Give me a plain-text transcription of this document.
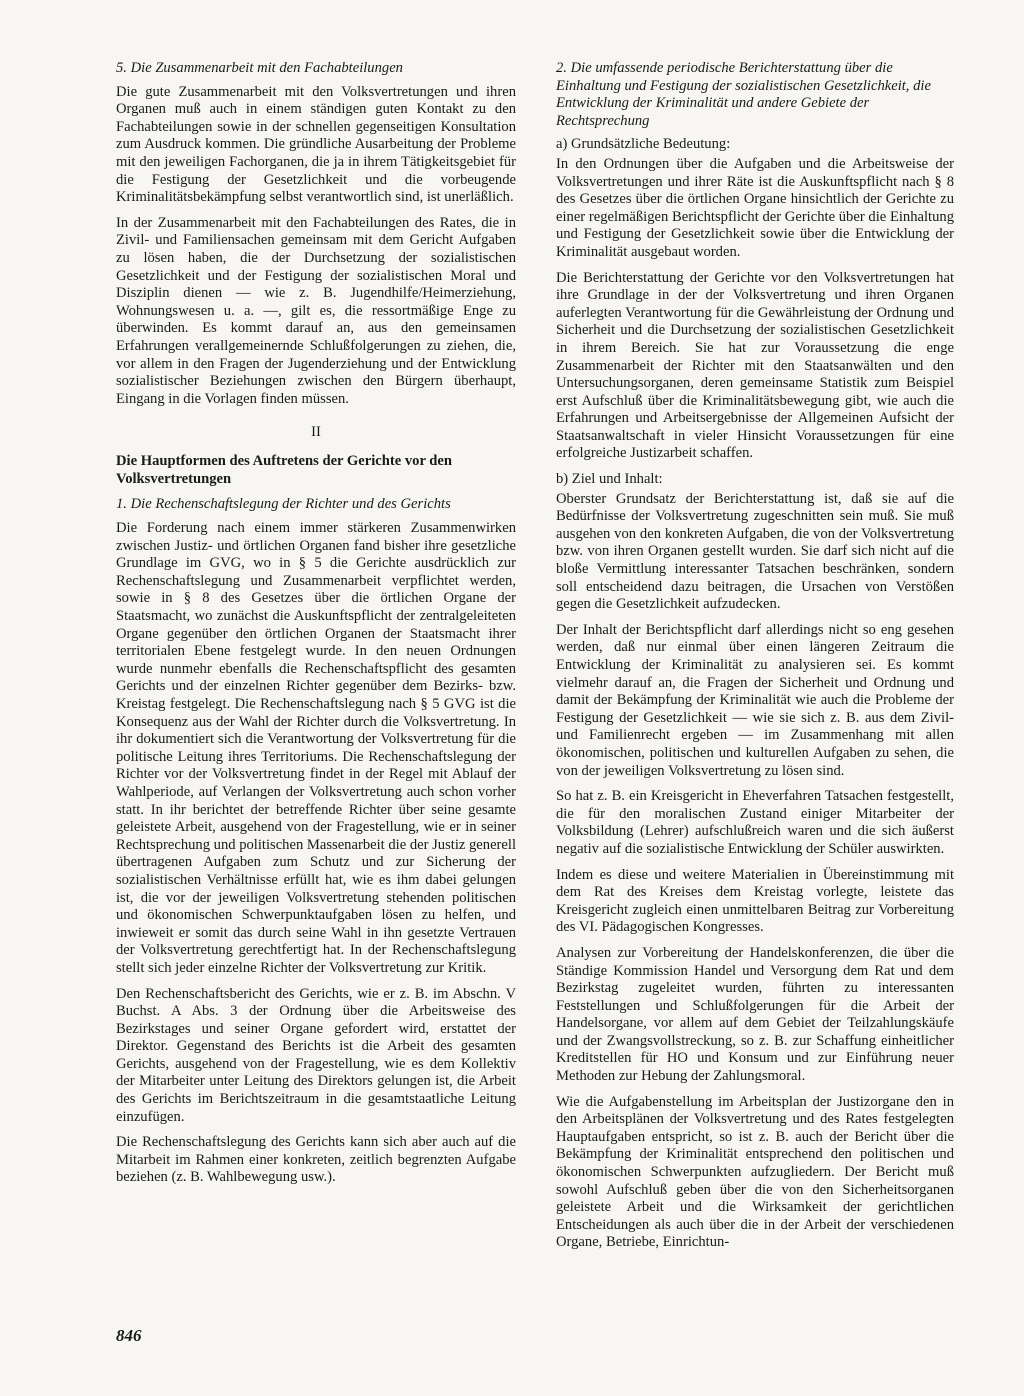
5. Die Zusammenarbeit mit den Fachabteilungen

Die gute Zusammenarbeit mit den Volksvertretungen und ihren Organen muß auch in einem ständigen guten Kontakt zu den Fachabteilungen sowie in der schnellen gegenseitigen Konsultation zum Ausdruck kommen. Die gründliche Ausarbeitung der Probleme mit den jeweiligen Fachorganen, die ja in ihrem Tätigkeitsgebiet für die Festigung der Gesetzlichkeit und die vorbeugende Kriminalitätsbekämpfung selbst verantwortlich sind, ist unerläßlich.

In der Zusammenarbeit mit den Fachabteilungen des Rates, die in Zivil- und Familiensachen gemeinsam mit dem Gericht Aufgaben zu lösen haben, die der Durchsetzung der sozialistischen Gesetzlichkeit und der Festigung der sozialistischen Moral und Disziplin dienen — wie z. B. Jugendhilfe/Heimerziehung, Wohnungswesen u. a. —, gilt es, die ressortmäßige Enge zu überwinden. Es kommt darauf an, aus den gemeinsamen Erfahrungen verallgemeinernde Schlußfolgerungen zu ziehen, die, vor allem in den Fragen der Jugenderziehung und der Entwicklung sozialistischer Beziehungen zwischen den Bürgern überhaupt, Eingang in die Vorlagen finden müssen.

II
Die Hauptformen des Auftretens der Gerichte vor den Volksvertretungen
1. Die Rechenschaftslegung der Richter und des Gerichts

Die Forderung nach einem immer stärkeren Zusammenwirken zwischen Justiz- und örtlichen Organen fand bisher ihre gesetzliche Grundlage im GVG, wo in § 5 die Gerichte ausdrücklich zur Rechenschaftslegung und Zusammenarbeit verpflichtet werden, sowie in § 8 des Gesetzes über die örtlichen Organe der Staatsmacht, wo zunächst die Auskunftspflicht der zentralgeleiteten Organe gegenüber den örtlichen Organen der Staatsmacht ihrer territorialen Ebene festgelegt wurde. In den neuen Ordnungen wurde nunmehr ebenfalls die Rechenschaftspflicht des gesamten Gerichts und der einzelnen Richter gegenüber dem Bezirks- bzw. Kreistag festgelegt. Die Rechenschaftslegung nach § 5 GVG ist die Konsequenz aus der Wahl der Richter durch die Volksvertretung. In ihr dokumentiert sich die Verantwortung der Volksvertretung für die politische Leitung ihres Territoriums. Die Rechenschaftslegung der Richter vor der Volksvertretung findet in der Regel mit Ablauf der Wahlperiode, auf Verlangen der Volksvertretung auch schon vorher statt. In ihr berichtet der betreffende Richter über seine gesamte geleistete Arbeit, ausgehend von der Fragestellung, wie er in seiner Rechtsprechung und politischen Massenarbeit die der Justiz generell übertragenen Aufgaben zum Schutz und zur Sicherung der sozialistischen Verhältnisse erfüllt hat, wie es ihm dabei gelungen ist, die vor der jeweiligen Volksvertretung stehenden politischen und ökonomischen Schwerpunktaufgaben lösen zu helfen, und inwieweit er somit das durch seine Wahl in ihn gesetzte Vertrauen der Volksvertretung gerechtfertigt hat. In der Rechenschaftslegung stellt sich jeder einzelne Richter der Volksvertretung zur Kritik.

Den Rechenschaftsbericht des Gerichts, wie er z. B. im Abschn. V Buchst. A Abs. 3 der Ordnung über die Arbeitsweise des Bezirkstages und seiner Organe gefordert wird, erstattet der Direktor. Gegenstand des Berichts ist die Arbeit des gesamten Gerichts, ausgehend von der Fragestellung, wie es dem Kollektiv der Mitarbeiter unter Leitung des Direktors gelungen ist, die Arbeit des Gerichts im Berichtszeitraum in die gesamtstaatliche Leitung einzufügen.

Die Rechenschaftslegung des Gerichts kann sich aber auch auf die Mitarbeit im Rahmen einer konkreten, zeitlich begrenzten Aufgabe beziehen (z. B. Wahlbewegung usw.).

2. Die umfassende periodische Berichterstattung über die Einhaltung und Festigung der sozialistischen Gesetzlichkeit, die Entwicklung der Kriminalität und andere Gebiete der Rechtsprechung
a) Grundsätzliche Bedeutung:

In den Ordnungen über die Aufgaben und die Arbeitsweise der Volksvertretungen und ihrer Räte ist die Auskunftspflicht nach § 8 des Gesetzes über die örtlichen Organe hinsichtlich der Gerichte zu einer regelmäßigen Berichtspflicht der Gerichte über die Einhaltung und Festigung der Gesetzlichkeit sowie über die Entwicklung der Kriminalität ausgebaut worden.

Die Berichterstattung der Gerichte vor den Volksvertretungen hat ihre Grundlage in der der Volksvertretung und ihren Organen auferlegten Verantwortung für die Gewährleistung der Ordnung und Sicherheit und die Durchsetzung der sozialistischen Gesetzlichkeit in ihrem Bereich. Sie hat zur Voraussetzung die enge Zusammenarbeit der Richter mit den Staatsanwälten und den Untersuchungsorganen, deren gemeinsame Statistik zum Beispiel erst Aufschluß über die Kriminalitätsbewegung gibt, wie auch die Erfahrungen und Arbeitsergebnisse der Allgemeinen Aufsicht der Staatsanwaltschaft in vieler Hinsicht Voraussetzungen für eine erfolgreiche Justizarbeit schaffen.

b) Ziel und Inhalt:

Oberster Grundsatz der Berichterstattung ist, daß sie auf die Bedürfnisse der Volksvertretung zugeschnitten sein muß. Sie muß ausgehen von den konkreten Aufgaben, die von der Volksvertretung bzw. von ihren Organen gestellt wurden. Sie darf sich nicht auf die bloße Vermittlung interessanter Tatsachen beschränken, sondern soll entscheidend dazu beitragen, die Ursachen von Verstößen gegen die Gesetzlichkeit aufzudecken.

Der Inhalt der Berichtspflicht darf allerdings nicht so eng gesehen werden, daß nur einmal über einen längeren Zeitraum die Entwicklung der Kriminalität zu analysieren sei. Es kommt vielmehr darauf an, die Fragen der Sicherheit und Ordnung und damit der Bekämpfung der Kriminalität wie auch die Probleme der Festigung der Gesetzlichkeit — wie sie sich z. B. aus dem Zivil- und Familienrecht ergeben — im Zusammenhang mit allen ökonomischen, politischen und kulturellen Aufgaben zu sehen, die von der jeweiligen Volksvertretung zu lösen sind.

So hat z. B. ein Kreisgericht in Eheverfahren Tatsachen festgestellt, die für den moralischen Zustand einiger Mitarbeiter der Volksbildung (Lehrer) aufschlußreich waren und die sich äußerst negativ auf die sozialistische Entwicklung der Schüler auswirkten.

Indem es diese und weitere Materialien in Übereinstimmung mit dem Rat des Kreises dem Kreistag vorlegte, leistete das Kreisgericht zugleich einen unmittelbaren Beitrag zur Vorbereitung des VI. Pädagogischen Kongresses.

Analysen zur Vorbereitung der Handelskonferenzen, die über die Ständige Kommission Handel und Versorgung dem Rat und dem Bezirkstag zugeleitet wurden, führten zu interessanten Feststellungen und Schlußfolgerungen für die Arbeit der Handelsorgane, vor allem auf dem Gebiet der Teilzahlungskäufe und der Zwangsvollstreckung, so z. B. zur Schaffung einheitlicher Kreditstellen für HO und Konsum und zur Einführung neuer Methoden zur Hebung der Zahlungsmoral.

Wie die Aufgabenstellung im Arbeitsplan der Justizorgane den in den Arbeitsplänen der Volksvertretung und des Rates festgelegten Hauptaufgaben entspricht, so ist z. B. auch der Bericht über die Bekämpfung der Kriminalität entsprechend den politischen und ökonomischen Schwerpunkten aufzugliedern. Der Bericht muß sowohl Aufschluß geben über die von den Sicherheitsorganen geleistete Arbeit und die Wirksamkeit der gerichtlichen Entscheidungen als auch über die in der Arbeit der verschiedenen Organe, Betriebe, Einrichtun-

846
